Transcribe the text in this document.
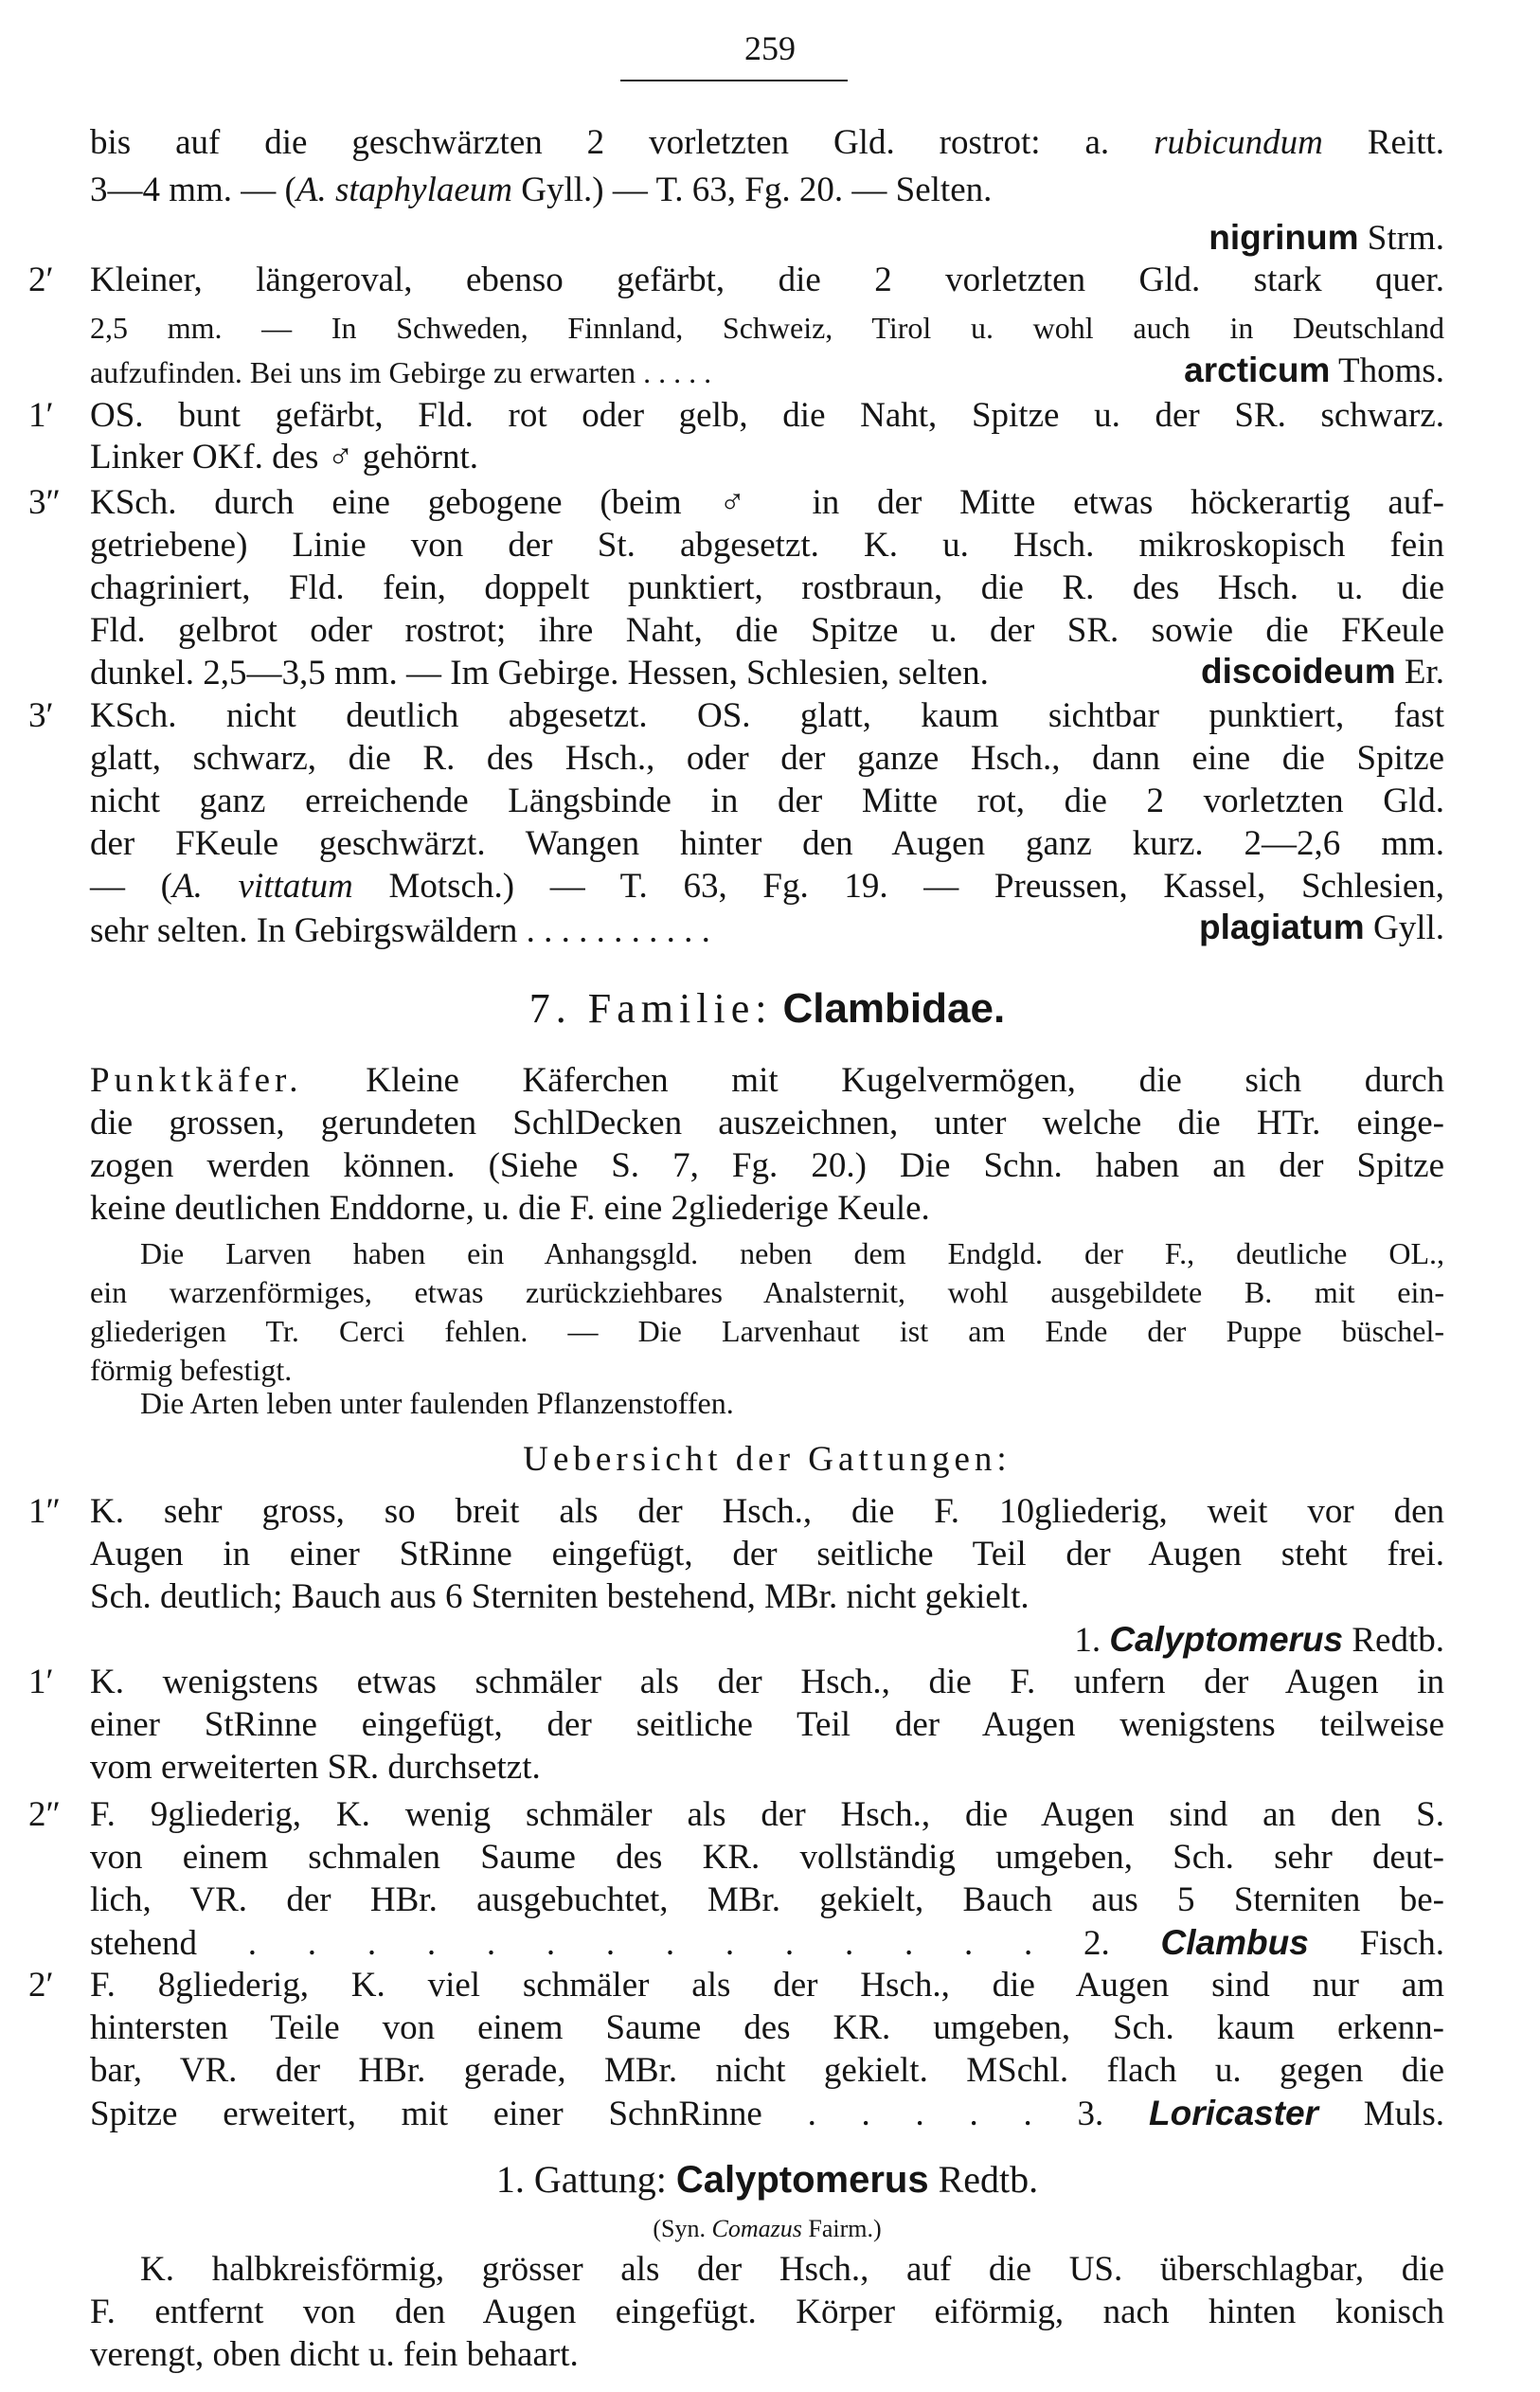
259
bis auf die geschwärzten 2 vorletzten Gld. rostrot: a. rubicundum Reitt.
3—4 mm. — (A. staphylaeum Gyll.) — T. 63, Fg. 20. — Selten.
nigrinum Strm.
2′ Kleiner, längeroval, ebenso gefärbt, die 2 vorletzten Gld. stark quer.
2,5 mm. — In Schweden, Finnland, Schweiz, Tirol u. wohl auch in Deutschland
aufzufinden. Bei uns im Gebirge zu erwarten . . . . .	arcticum Thoms.
1′ OS. bunt gefärbt, Fld. rot oder gelb, die Naht, Spitze u. der SR. schwarz.
Linker OKf. des ♂ gehörnt.
3″ KSch. durch eine gebogene (beim ♂ in der Mitte etwas höckerartig auf-
getriebene) Linie von der St. abgesetzt. K. u. Hsch. mikroskopisch fein
chagriniert, Fld. fein, doppelt punktiert, rostbraun, die R. des Hsch. u. die
Fld. gelbrot oder rostrot; ihre Naht, die Spitze u. der SR. sowie die FKeule
dunkel. 2,5—3,5 mm. — Im Gebirge. Hessen, Schlesien, selten.	discoideum Er.
3′ KSch. nicht deutlich abgesetzt. OS. glatt, kaum sichtbar punktiert, fast
glatt, schwarz, die R. des Hsch., oder der ganze Hsch., dann eine die Spitze
nicht ganz erreichende Längsbinde in der Mitte rot, die 2 vorletzten Gld.
der FKeule geschwärzt. Wangen hinter den Augen ganz kurz. 2—2,6 mm.
— (A. vittatum Motsch.) — T. 63, Fg. 19. — Preussen, Kassel, Schlesien,
sehr selten. In Gebirgswäldern . . . . . . . . . . .	plagiatum Gyll.
7. Familie: Clambidae.
Punktkäfer. Kleine Käferchen mit Kugelvermögen, die sich durch
die grossen, gerundeten SchlDecken auszeichnen, unter welche die HTr. einge-
zogen werden können. (Siehe S. 7, Fg. 20.) Die Schn. haben an der Spitze
keine deutlichen Enddorne, u. die F. eine 2gliederige Keule.
Die Larven haben ein Anhangsgld. neben dem Endgld. der F., deutliche OL.,
ein warzenförmiges, etwas zurückziehbares Analsternit, wohl ausgebildete B. mit ein-
gliederigen Tr. Cerci fehlen. — Die Larvenhaut ist am Ende der Puppe büschel-
förmig befestigt.
Die Arten leben unter faulenden Pflanzenstoffen.
Uebersicht der Gattungen:
1″ K. sehr gross, so breit als der Hsch., die F. 10gliederig, weit vor den
Augen in einer StRinne eingefügt, der seitliche Teil der Augen steht frei.
Sch. deutlich; Bauch aus 6 Sterniten bestehend, MBr. nicht gekielt.
1. Calyptomerus Redtb.
1′ K. wenigstens etwas schmäler als der Hsch., die F. unfern der Augen in
einer StRinne eingefügt, der seitliche Teil der Augen wenigstens teilweise
vom erweiterten SR. durchsetzt.
2″ F. 9gliederig, K. wenig schmäler als der Hsch., die Augen sind an den S.
von einem schmalen Saume des KR. vollständig umgeben, Sch. sehr deut-
lich, VR. der HBr. ausgebuchtet, MBr. gekielt, Bauch aus 5 Sterniten be-
stehend . . . . . . . . . . . . . . 2. Clambus Fisch.
2′ F. 8gliederig, K. viel schmäler als der Hsch., die Augen sind nur am
hintersten Teile von einem Saume des KR. umgeben, Sch. kaum erkenn-
bar, VR. der HBr. gerade, MBr. nicht gekielt. MSchl. flach u. gegen die
Spitze erweitert, mit einer SchnRinne . . . . . 3. Loricaster Muls.
1. Gattung: Calyptomerus Redtb.
(Syn. Comazus Fairm.)
K. halbkreisförmig, grösser als der Hsch., auf die US. überschlagbar, die
F. entfernt von den Augen eingefügt. Körper eiförmig, nach hinten konisch
verengt, oben dicht u. fein behaart.
